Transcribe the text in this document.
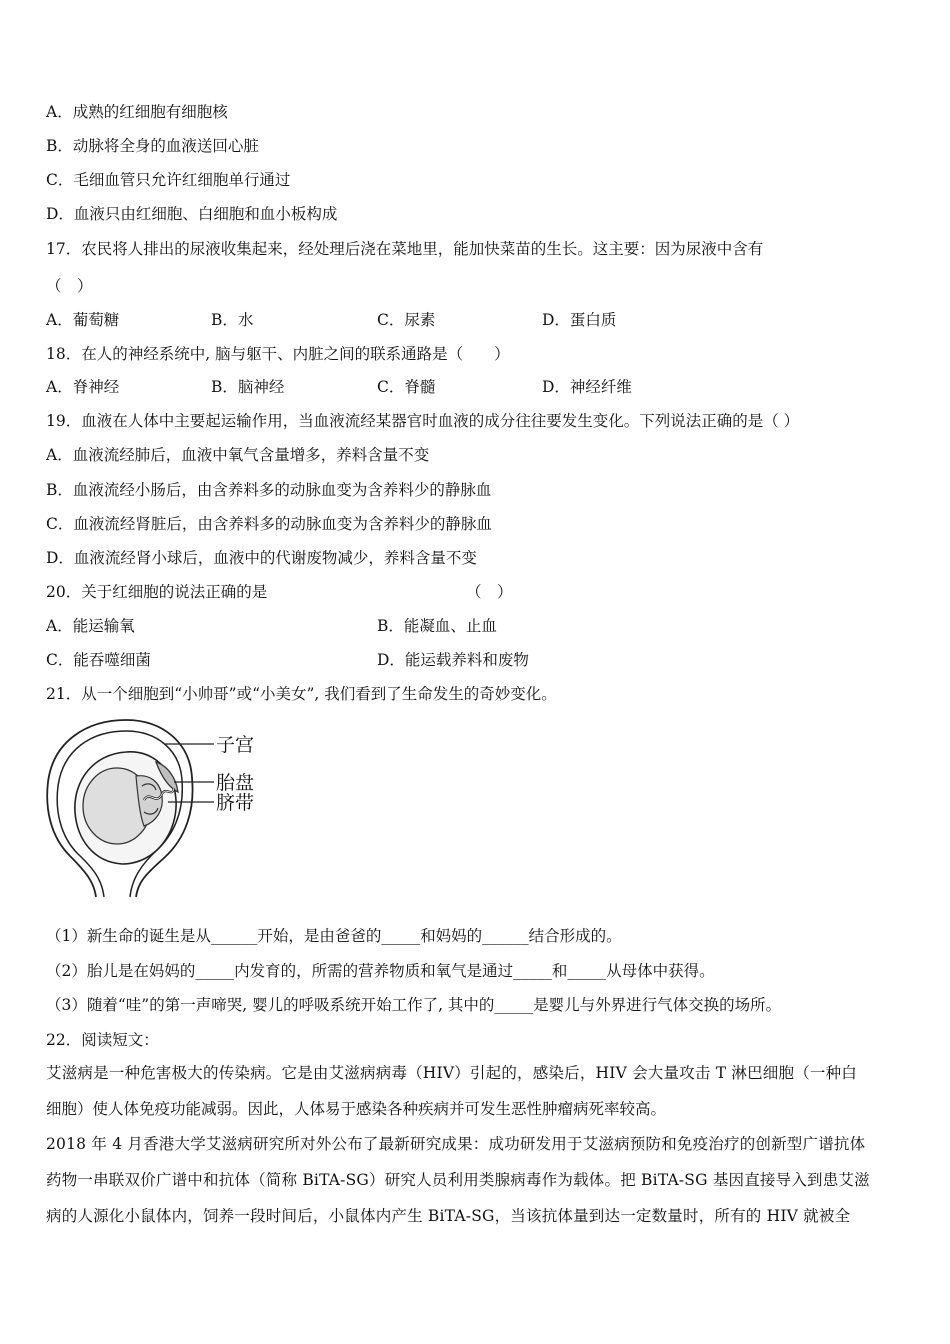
A．成熟的红细胞有细胞核
B．动脉将全身的血液送回心脏
C．毛细血管只允许红细胞单行通过
D．血液只由红细胞、白细胞和血小板构成
17．农民将人排出的尿液收集起来，经处理后浇在菜地里，能加快菜苗的生长。这主要：因为尿液中含有
（　）
A．葡萄糖	B．水	C．尿素	D．蛋白质
18．在人的神经系统中, 脑与躯干、内脏之间的联系通路是（　　）
A．脊神经	B．脑神经	C．脊髓	D．神经纤维
19．血液在人体中主要起运输作用，当血液流经某器官时血液的成分往往要发生变化。下列说法正确的是（ ）
A．血液流经肺后，血液中氧气含量增多，养料含量不变
B．血液流经小肠后，由含养料多的动脉血变为含养料少的静脉血
C．血液流经肾脏后，由含养料多的动脉血变为含养料少的静脉血
D．血液流经肾小球后，血液中的代谢废物减少，养料含量不变
20．关于红细胞的说法正确的是	（　）
A．能运输氧	B．能凝血、止血
C．能吞噬细菌	D．能运载养料和废物
21．从一个细胞到“小帅哥”或“小美女”, 我们看到了生命发生的奇妙变化。
子宫
胎盘
脐带
（1）新生命的诞生是从______开始，是由爸爸的_____和妈妈的______结合形成的。
（2）胎儿是在妈妈的_____内发育的，所需的营养物质和氧气是通过_____和_____从母体中获得。
（3）随着“哇”的第一声啼哭, 婴儿的呼吸系统开始工作了, 其中的_____是婴儿与外界进行气体交换的场所。
22．阅读短文：
艾滋病是一种危害极大的传染病。它是由艾滋病病毒（HIV）引起的，感染后，HIV 会大量攻击 T 淋巴细胞（一种白
细胞）使人体免疫功能减弱。因此，人体易于感染各种疾病并可发生恶性肿瘤病死率较高。
2018 年 4 月香港大学艾滋病研究所对外公布了最新研究成果：成功研发用于艾滋病预防和免疫治疗的创新型广谱抗体
药物一串联双价广谱中和抗体（简称 BiTA-SG）研究人员利用类腺病毒作为载体。把 BiTA-SG 基因直接导入到患艾滋
病的人源化小鼠体内，饲养一段时间后，小鼠体内产生 BiTA-SG，当该抗体量到达一定数量时，所有的 HIV 就被全
